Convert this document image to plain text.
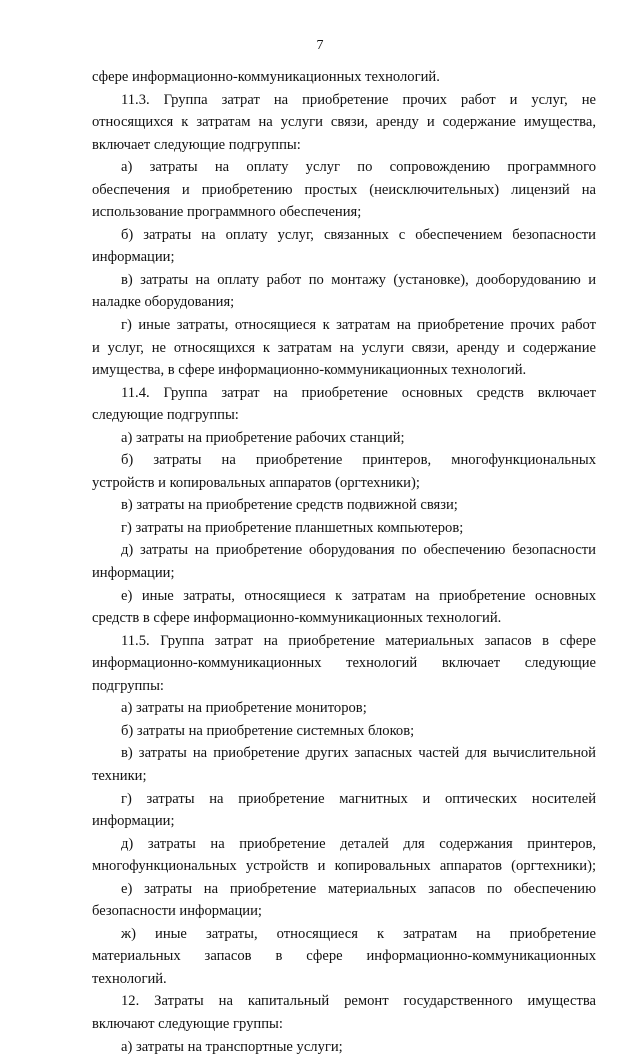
7
сфере информационно-коммуникационных технологий.
11.3. Группа затрат на приобретение прочих работ и услуг, не
относящихся к затратам на услуги связи, аренду и содержание имущества,
включает следующие подгруппы:
а) затраты на оплату услуг по сопровождению программного
обеспечения и приобретению простых (неисключительных) лицензий на
использование программного обеспечения;
б) затраты на оплату услуг, связанных с обеспечением безопасности
информации;
в) затраты на оплату работ по монтажу (установке), дооборудованию и
наладке оборудования;
г) иные затраты, относящиеся к затратам на приобретение прочих работ
и услуг, не относящихся к затратам на услуги связи, аренду и содержание
имущества, в сфере информационно-коммуникационных технологий.
11.4. Группа затрат на приобретение основных средств включает
следующие подгруппы:
а) затраты на приобретение рабочих станций;
б) затраты на приобретение принтеров, многофункциональных
устройств и копировальных аппаратов (оргтехники);
в) затраты на приобретение средств подвижной связи;
г) затраты на приобретение планшетных компьютеров;
д) затраты на приобретение оборудования по обеспечению безопасности
информации;
е) иные затраты, относящиеся к затратам на приобретение основных
средств в сфере информационно-коммуникационных технологий.
11.5. Группа затрат на приобретение материальных запасов в сфере
информационно-коммуникационных технологий включает следующие
подгруппы:
а) затраты на приобретение мониторов;
б) затраты на приобретение системных блоков;
в) затраты на приобретение других запасных частей для вычислительной
техники;
г) затраты на приобретение магнитных и оптических носителей
информации;
д) затраты на приобретение деталей для содержания принтеров,
многофункциональных устройств и копировальных аппаратов (оргтехники);
е) затраты на приобретение материальных запасов по обеспечению
безопасности информации;
ж) иные затраты, относящиеся к затратам на приобретение
материальных запасов в сфере информационно-коммуникационных
технологий.
12. Затраты на капитальный ремонт государственного имущества
включают следующие группы:
а) затраты на транспортные услуги;
